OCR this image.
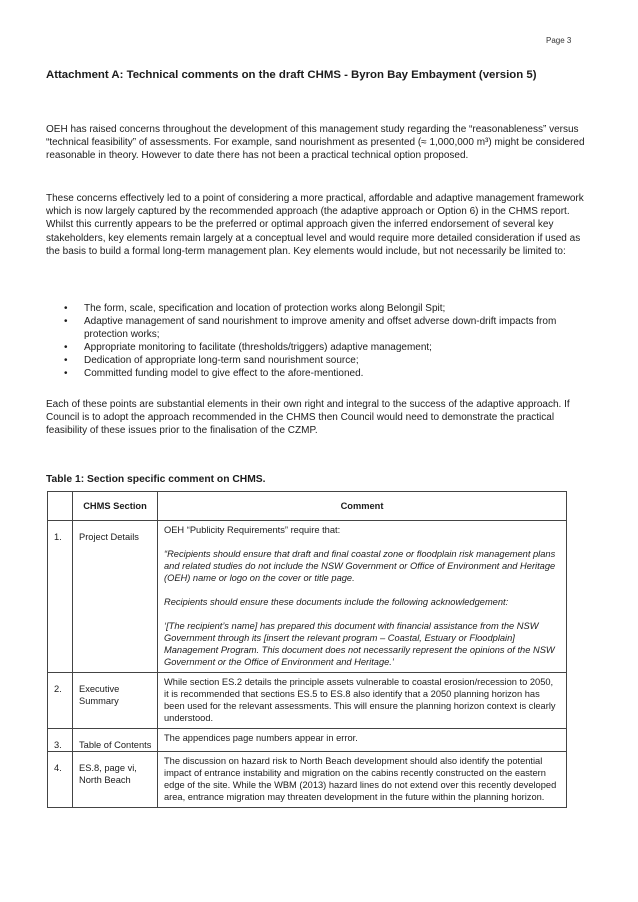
Page 3
Attachment A: Technical comments on the draft CHMS - Byron Bay Embayment (version 5)

OEH has raised concerns throughout the development of this management study regarding the “reasonableness” versus “technical feasibility” of assessments. For example, sand nourishment as presented (≈ 1,000,000 m³) might be considered reasonable in theory. However to date there has not been a practical technical option proposed.

These concerns effectively led to a point of considering a more practical, affordable and adaptive management framework which is now largely captured by the recommended approach (the adaptive approach or Option 6) in the CHMS report. Whilst this currently appears to be the preferred or optimal approach given the inferred endorsement of several key stakeholders, key elements remain largely at a conceptual level and would require more detailed consideration if used as the basis to build a formal long-term management plan. Key elements would include, but not necessarily be limited to:

• The form, scale, specification and location of protection works along Belongil Spit;
• Adaptive management of sand nourishment to improve amenity and offset adverse down-drift impacts from protection works;
• Appropriate monitoring to facilitate (thresholds/triggers) adaptive management;
• Dedication of appropriate long-term sand nourishment source;
• Committed funding model to give effect to the afore-mentioned.

Each of these points are substantial elements in their own right and integral to the success of the adaptive approach. If Council is to adopt the approach recommended in the CHMS then Council would need to demonstrate the practical feasibility of these issues prior to the finalisation of the CZMP.

Table 1: Section specific comment on CHMS.

	CHMS Section	Comment

1.	Project Details	OEH “Publicity Requirements” require that:

“Recipients should ensure that draft and final coastal zone or floodplain risk management plans and related studies do not include the NSW Government or Office of Environment and Heritage (OEH) name or logo on the cover or title page.

Recipients should ensure these documents include the following acknowledgement:

‘[The recipient’s name] has prepared this document with financial assistance from the NSW Government through its [insert the relevant program – Coastal, Estuary or Floodplain] Management Program. This document does not necessarily represent the opinions of the NSW Government or the Office of Environment and Heritage.’

2.	Executive Summary	While section ES.2 details the principle assets vulnerable to coastal erosion/recession to 2050, it is recommended that sections ES.5 to ES.8 also identify that a 2050 planning horizon has been used for the relevant assessments. This will ensure the planning horizon context is clearly understood.

3.	Table of Contents	The appendices page numbers appear in error.

4.	ES.8, page vi, North Beach	The discussion on hazard risk to North Beach development should also identify the potential impact of entrance instability and migration on the cabins recently constructed on the eastern edge of the site. While the WBM (2013) hazard lines do not extend over this recently developed area, entrance migration may threaten development in the future within the planning horizon.
